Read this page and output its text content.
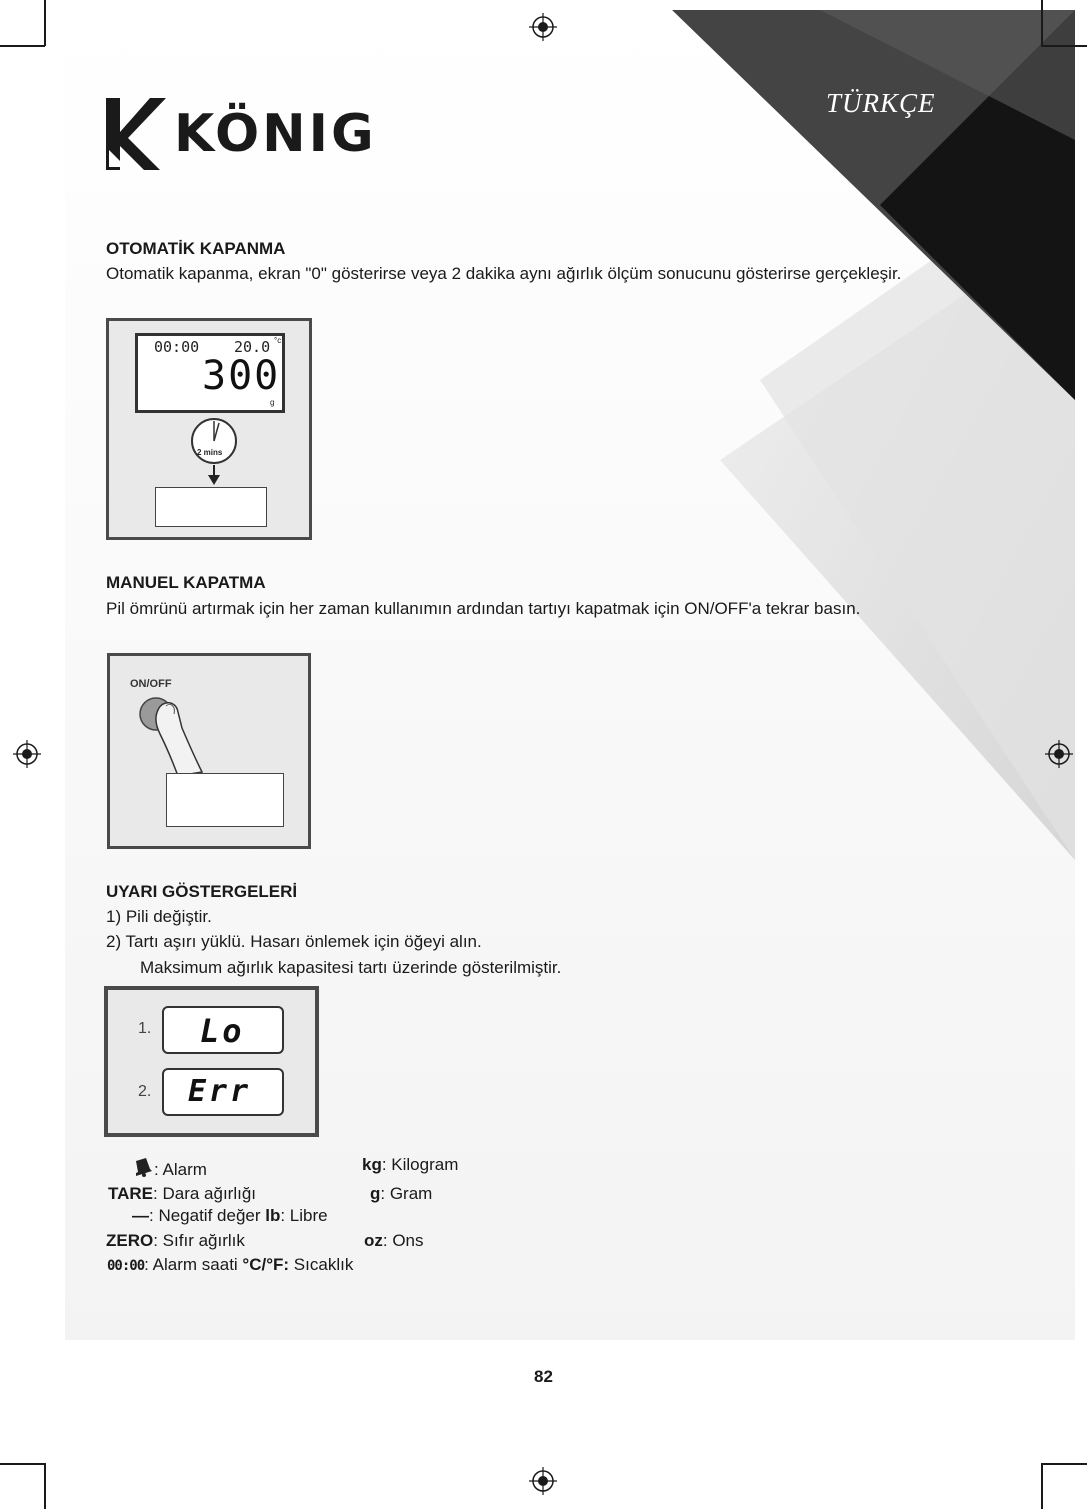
TÜRKÇE
KÖNIG
OTOMATİK KAPANMA

Otomatik kapanma, ekran "0" gösterirse veya 2 dakika aynı ağırlık ölçüm sonucunu gösterirse gerçekleşir.

00:00 20.0 °c
300
g
2 mins
MANUEL KAPATMA

Pil ömrünü artırmak için her zaman kullanımın ardından tartıyı kapatmak için ON/OFF'a tekrar basın.

ON/OFF
UYARI GÖSTERGELERİ

1) Pili değiştir.

2) Tartı aşırı yüklü. Hasarı önlemek için öğeyi alın.

Maksimum ağırlık kapasitesi tartı üzerinde gösterilmiştir.

1. Lo
2. Err
: Alarm	kg: Kilogram
TARE: Dara ağırlığı	g: Gram
—: Negatif değer lb: Libre
ZERO: Sıfır ağırlık	oz: Ons
00:00: Alarm saati °C/°F: Sıcaklık
82
